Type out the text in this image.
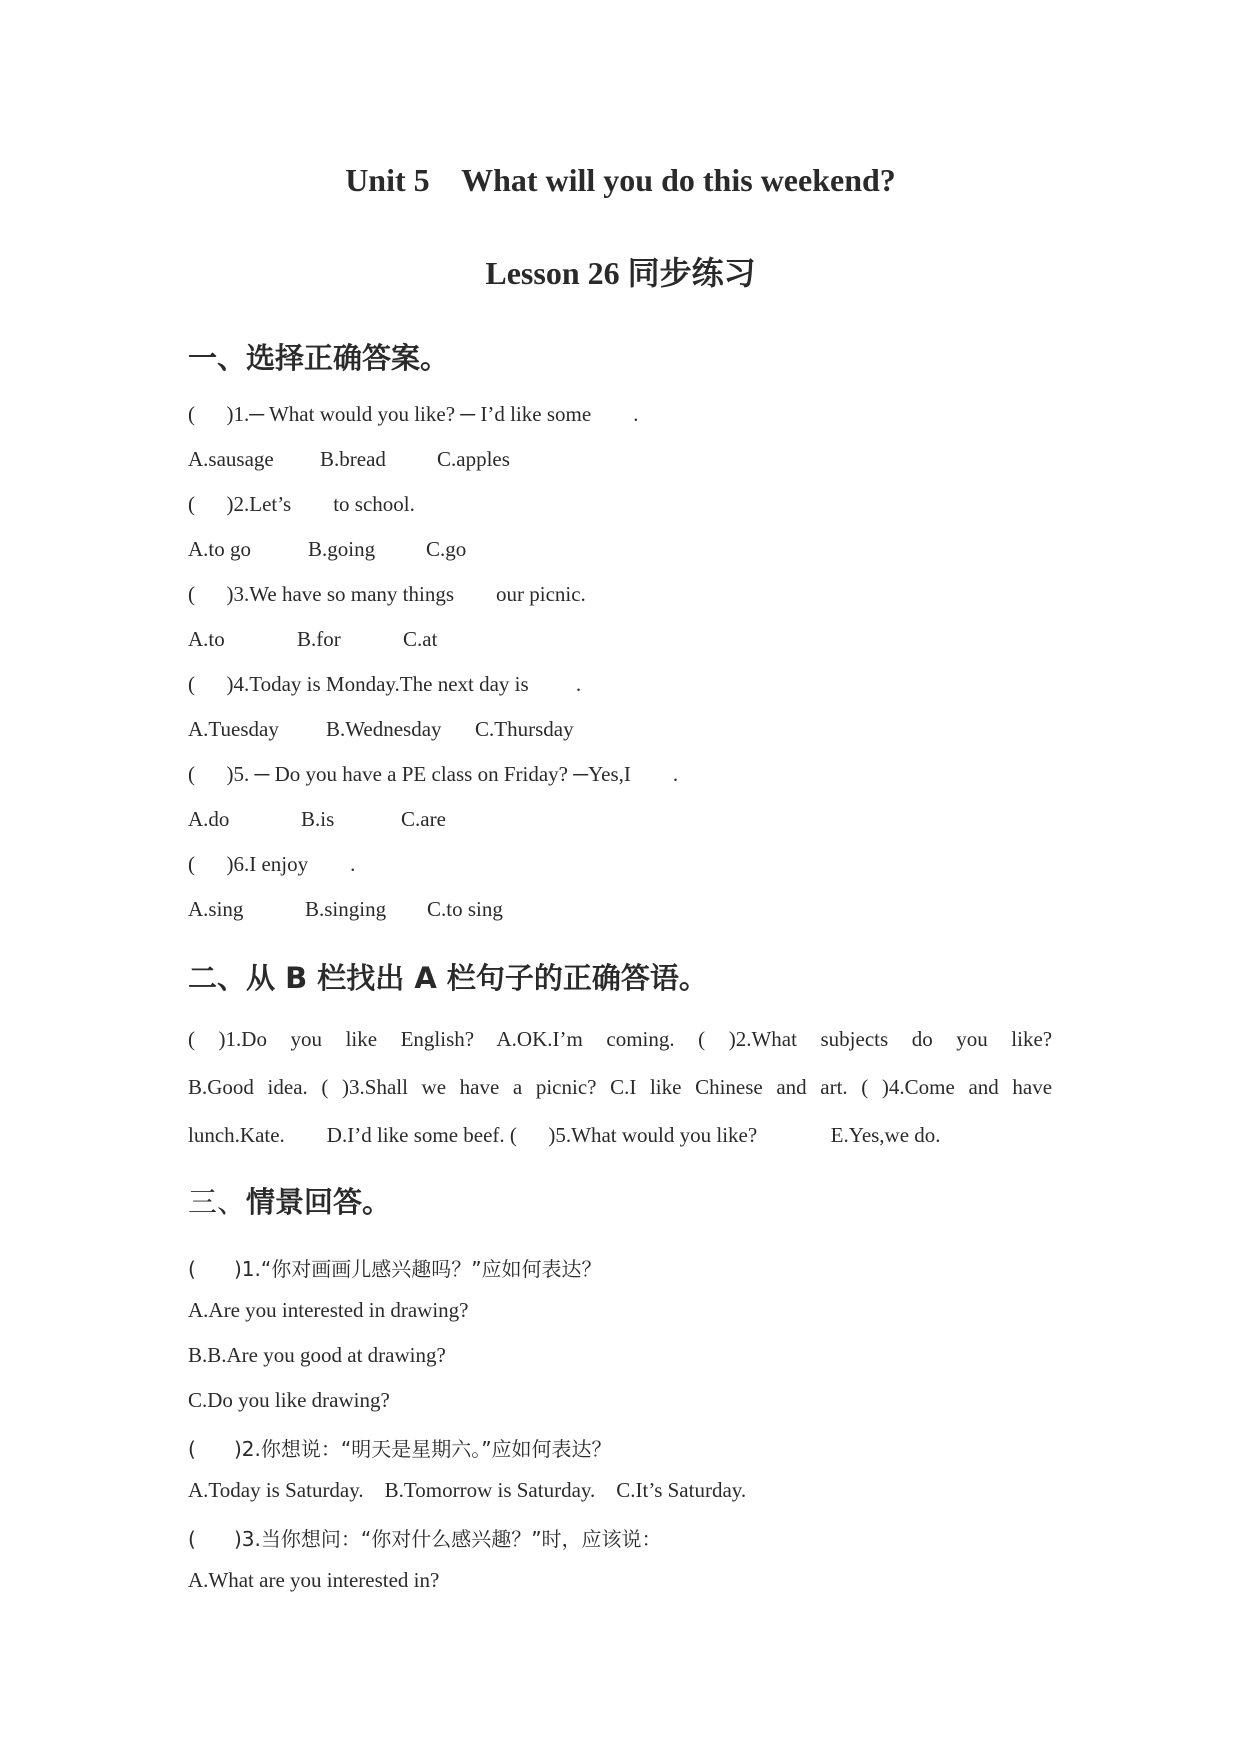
Unit 5    What will you do this weekend?
Lesson 26 同步练习
一、选择正确答案。
(      )1.─ What would you like? ─ I’d like some        .
A.sausage B.bread C.apples
(      )2.Let’s        to school.
A.to go	B.going C.go
(      )3.We have so many things        our picnic.
A.to	B.for	C.at
(      )4.Today is Monday.The next day is         .
A.Tuesday B.Wednesday C.Thursday
(      )5. ─ Do you have a PE class on Friday? ─Yes,I        .
A.do	B.is	C.are
(      )6.I enjoy        .
A.sing	B.singing C.to sing
二、从 B 栏找出 A 栏句子的正确答语。
( )1.Do you like English? A.OK.I’m coming. ( )2.What subjects do you like?
B.Good idea. ( )3.Shall we have a picnic? C.I like Chinese and art. ( )4.Come and have
lunch.Kate.        D.I’d like some beef. (      )5.What would you like?              E.Yes,we do.
三、情景回答。
(      )1.“你对画画儿感兴趣吗？”应如何表达？
A.Are you interested in drawing?
B.B.Are you good at drawing?
C.Do you like drawing?
(      )2.你想说：“明天是星期六。”应如何表达？
A.Today is Saturday.    B.Tomorrow is Saturday.    C.It’s Saturday.
(      )3.当你想问：“你对什么感兴趣？”时，应该说：
A.What are you interested in?
